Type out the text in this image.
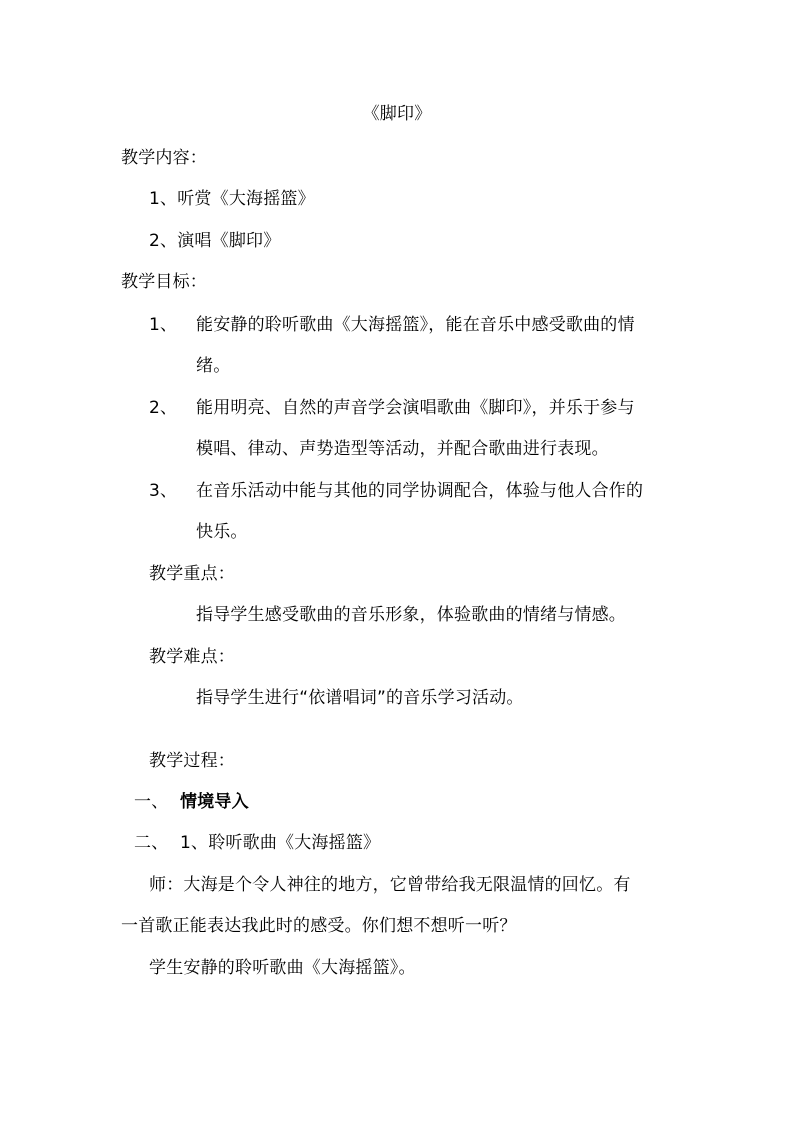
《脚印》
教学内容：
1、听赏《大海摇篮》
2、演唱《脚印》
教学目标：
1、 能安静的聆听歌曲《大海摇篮》，能在音乐中感受歌曲的情
绪。
2、 能用明亮、自然的声音学会演唱歌曲《脚印》，并乐于参与
模唱、律动、声势造型等活动，并配合歌曲进行表现。
3、 在音乐活动中能与其他的同学协调配合，体验与他人合作的
快乐。
教学重点：
指导学生感受歌曲的音乐形象，体验歌曲的情绪与情感。
教学难点：
指导学生进行“依谱唱词”的音乐学习活动。
教学过程：
一、 情境导入
二、 1、聆听歌曲《大海摇篮》
师：大海是个令人神往的地方，它曾带给我无限温情的回忆。有
一首歌正能表达我此时的感受。你们想不想听一听？
学生安静的聆听歌曲《大海摇篮》。
